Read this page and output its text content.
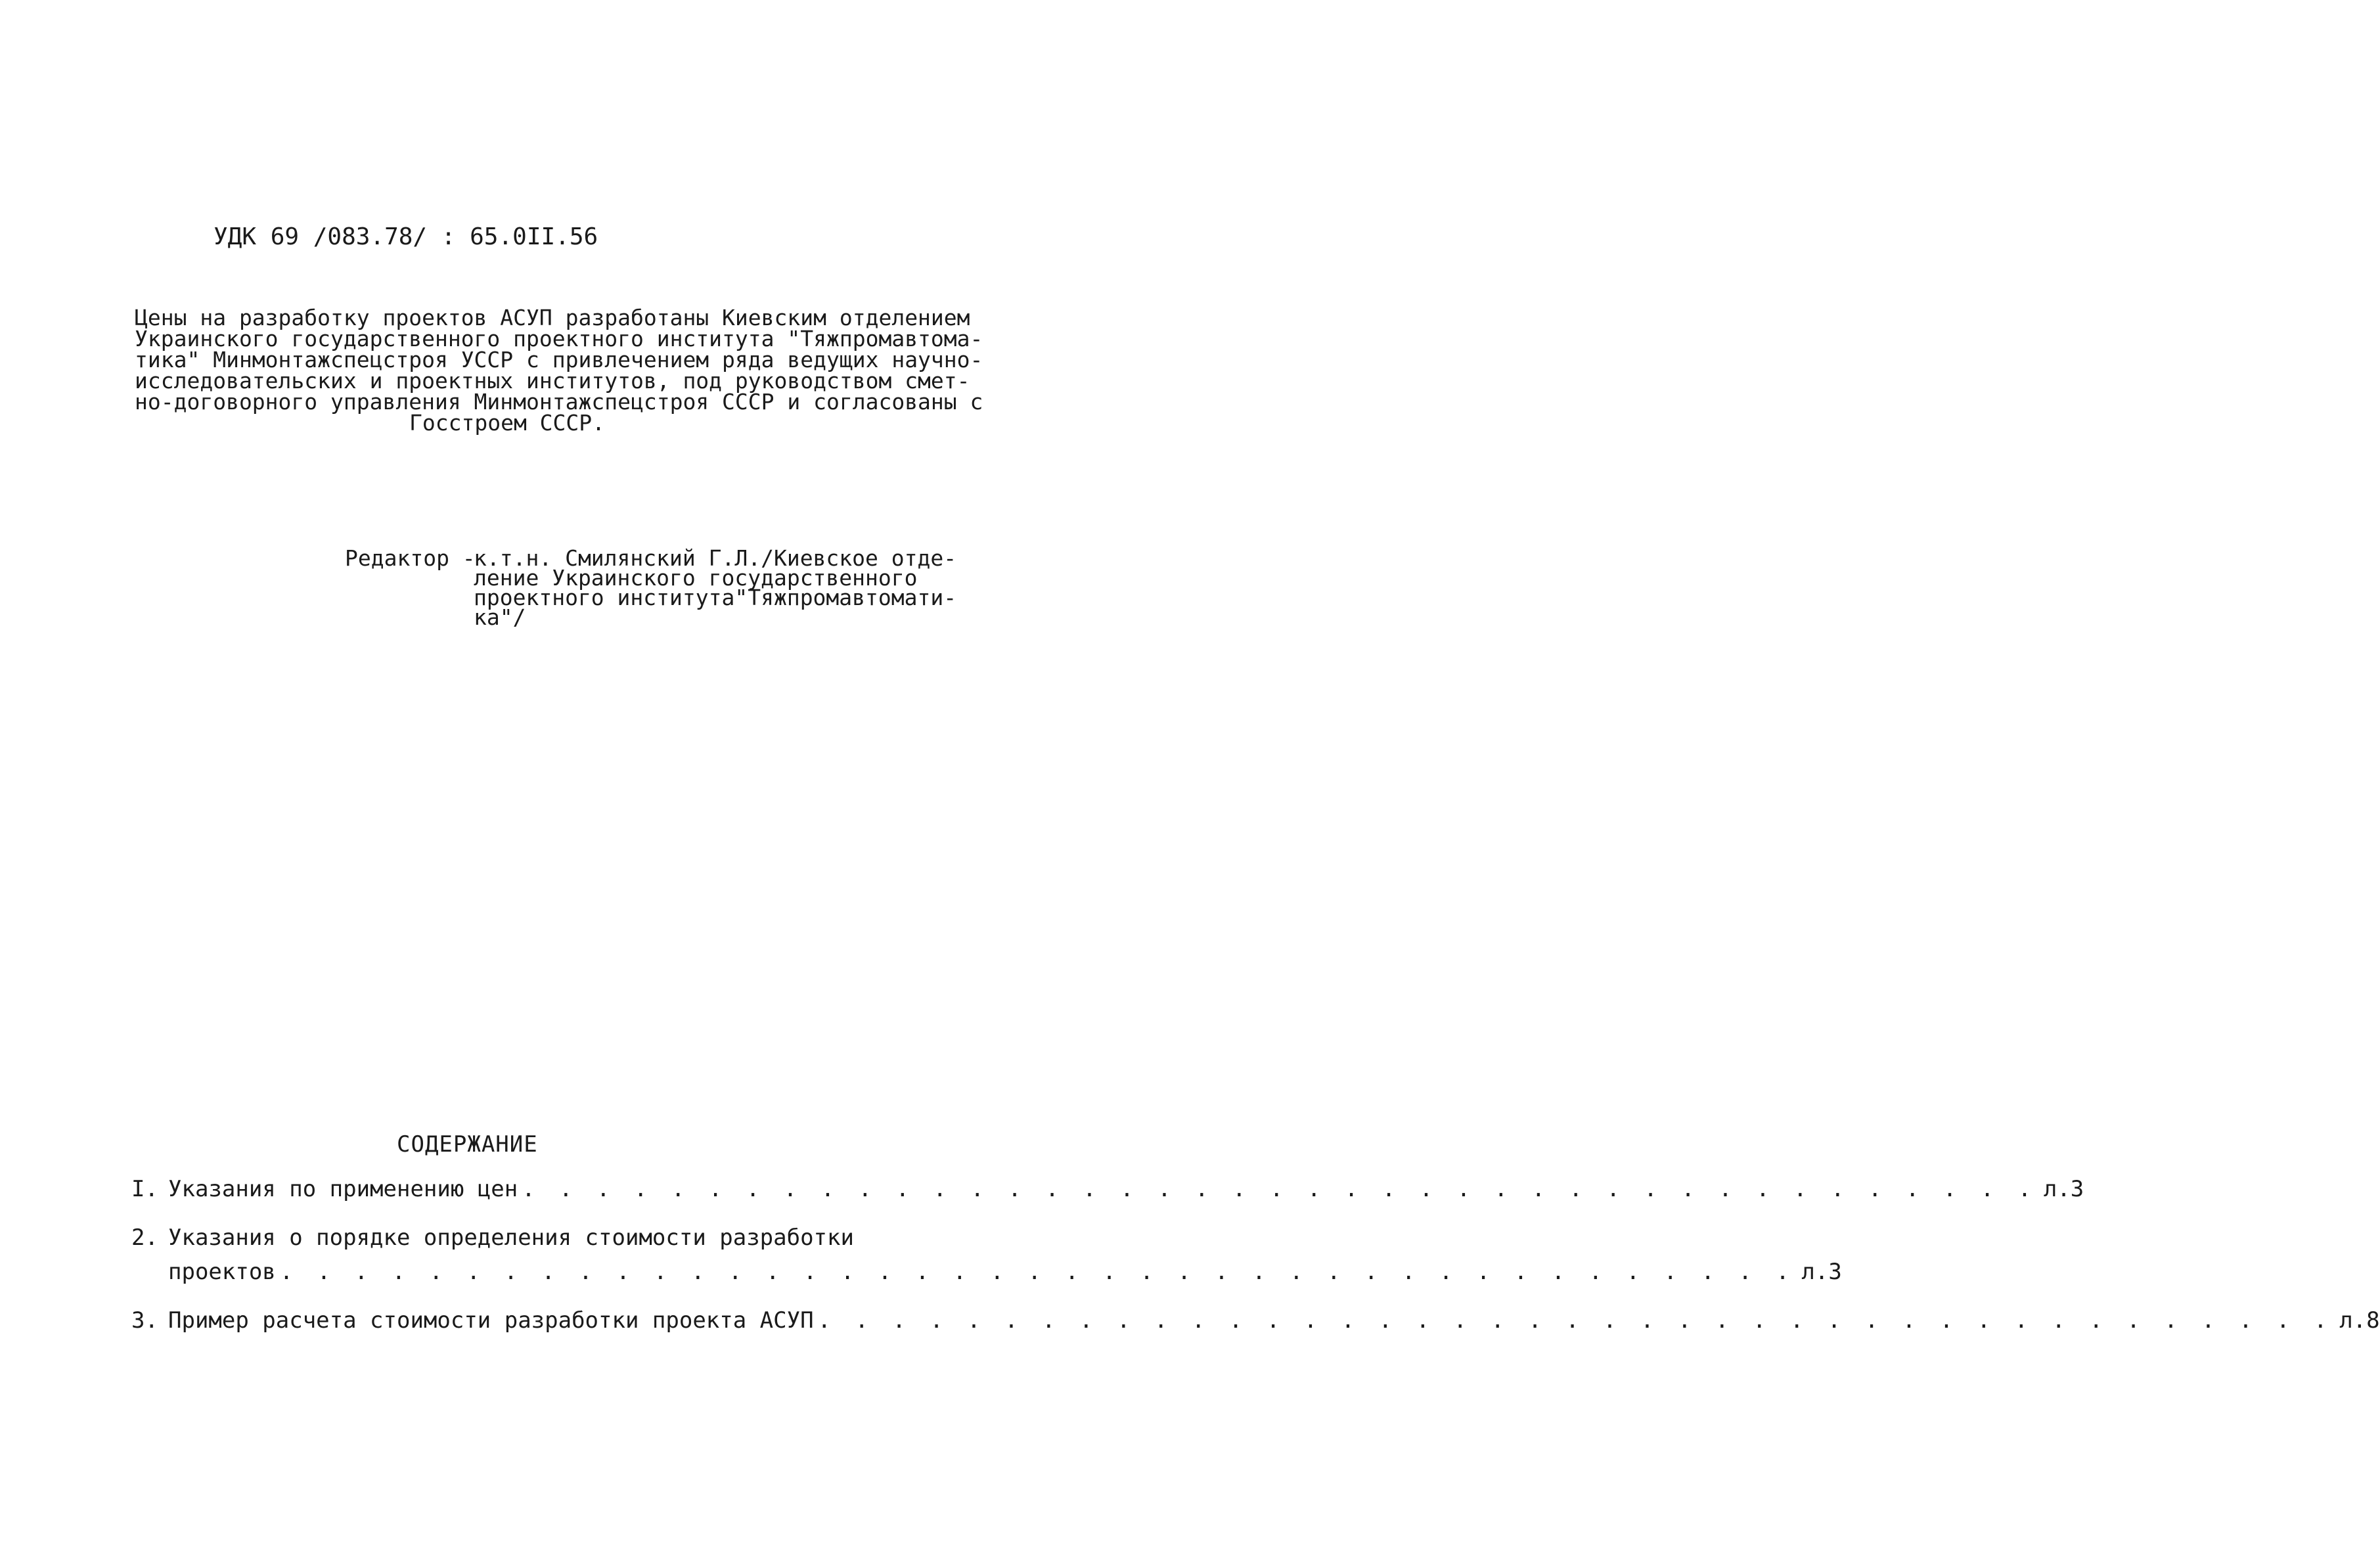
УДК 69 /083.78/ : 65.0II.56
Цены на разработку проектов АСУП разработаны Киевским отделением
Украинского государственного проектного института "Тяжпромавтома-
тика" Минмонтажспецстроя УССР с привлечением ряда ведущих научно-
исследовательских и проектных институтов, под руководством смет-
но-договорного управления Минмонтажспецстроя СССР и согласованы с
Госстроем СССР.
Редактор -
к.т.н. Смилянский Г.Л./Киевское отде-
ление Украинского государственного
проектного института"Тяжпромавтомати-
ка"/
СОДЕРЖАНИЕ
I. Указания по применению цен . . . . . . . . . . . . . . . . . . . . . . . . . . . . . . . . . . . . . . . . . л.3
2. Указания о порядке определения стоимости разработки
проектов . . . . . . . . . . . . . . . . . . . . . . . . . . . . . . . . . . . . . . . . . л.3
3. Пример расчета стоимости разработки проекта АСУП . . . . . . . . . . . . . . . . . . . . . . . . . . . . . . . . . . . . . . . . . л.8
